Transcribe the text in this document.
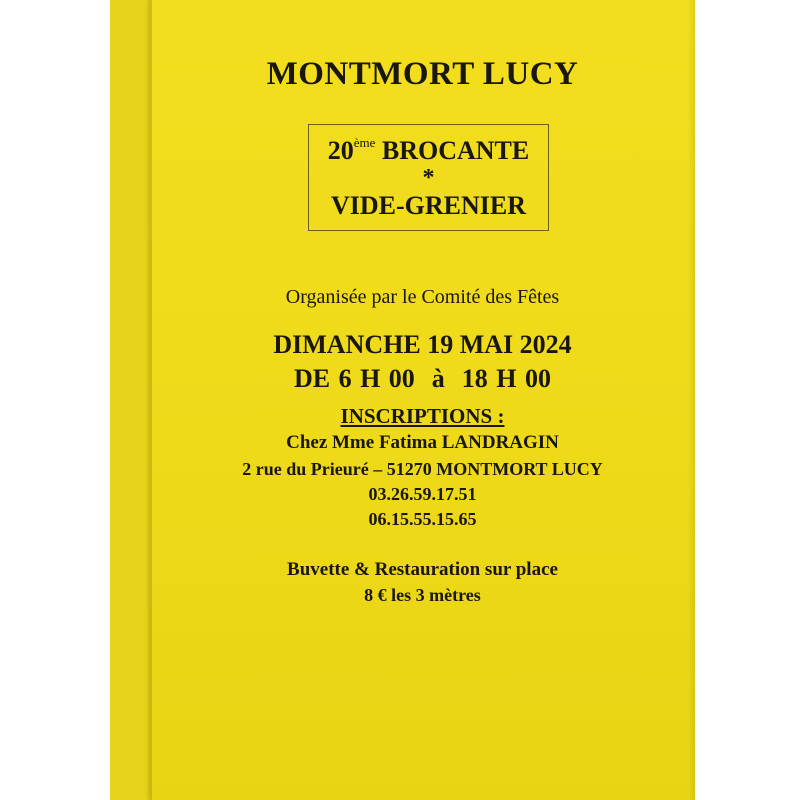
MONTMORT LUCY
20ème BROCANTE
*
VIDE-GRENIER

Organisée par le Comité des Fêtes

DIMANCHE 19 MAI 2024

DE 6 H 00  à  18 H 00

INSCRIPTIONS :

Chez Mme Fatima LANDRAGIN

2 rue du Prieuré – 51270 MONTMORT LUCY

03.26.59.17.51

06.15.55.15.65

Buvette & Restauration sur place

8 € les 3 mètres
